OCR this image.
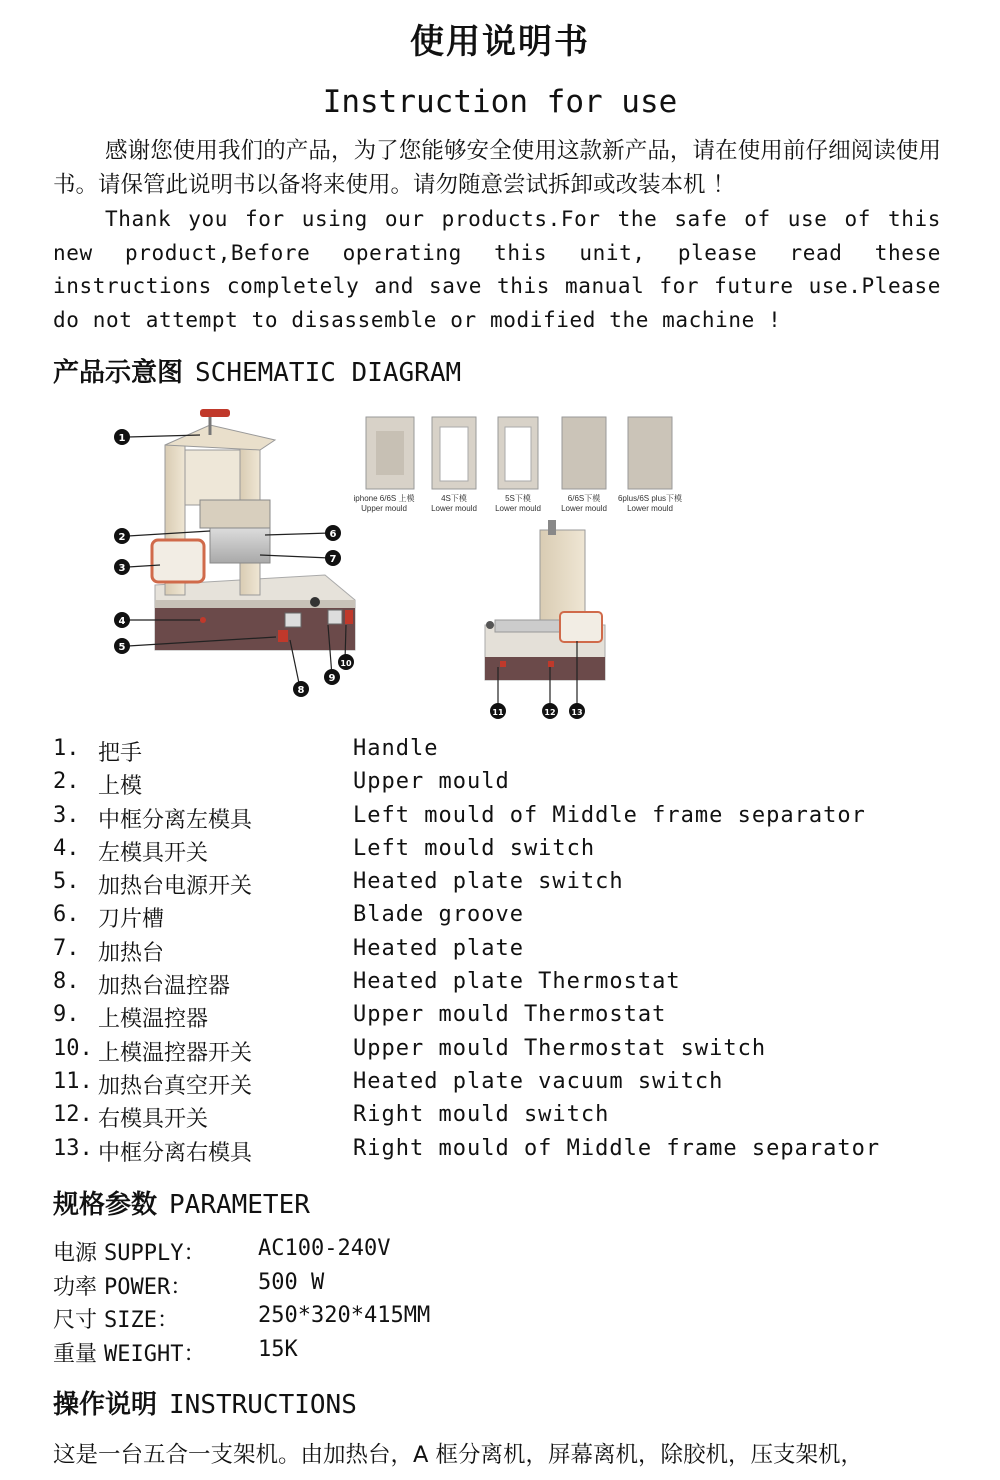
使用说明书
Instruction for use
感谢您使用我们的产品，为了您能够安全使用这款新产品，请在使用前仔细阅读使用书。请保管此说明书以备将来使用。请勿随意尝试拆卸或改装本机 ！
Thank you for using our products.For the safe of use of this new product,Before operating this unit, please read these instructions completely and save this manual for future use.Please do not attempt to disassemble or modified the machine !
产品示意图 SCHEMATIC DIAGRAM
iphone 6/6S 上模
Upper mould
4S下模
Lower mould
5S下模
Lower mould
6/6S下模
Lower mould
6plus/6S plus下模
Lower mould
1
2
3
4
5
6
7
8
9
10
11	12 13
1. 把手	Handle
2. 上模	Upper mould
3. 中框分离左模具	Left mould of Middle frame separator
4. 左模具开关	Left mould switch
5. 加热台电源开关	Heated plate switch
6. 刀片槽	Blade groove
7. 加热台	Heated plate
8. 加热台温控器	Heated plate Thermostat
9. 上模温控器	Upper mould Thermostat
10. 上模温控器开关	Upper mould Thermostat switch
11. 加热台真空开关	Heated plate vacuum switch
12. 右模具开关	Right mould switch
13. 中框分离右模具	Right mould of Middle frame separator
规格参数 PARAMETER
电源 SUPPLY： AC100-240V
功率 POWER：	500 W
尺寸 SIZE：	250*320*415MM
重量 WEIGHT： 15K
操作说明 INSTRUCTIONS
这是一台五合一支架机。由加热台，A 框分离机，屏幕离机，除胶机，压支架机，
